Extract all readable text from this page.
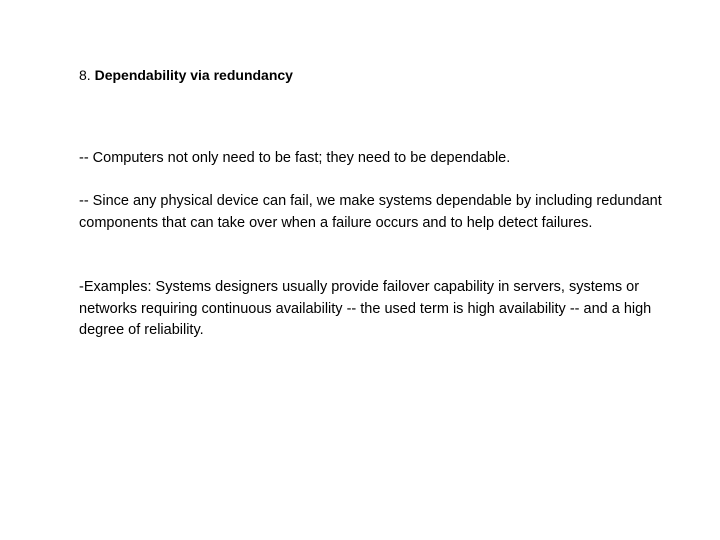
8. Dependability via redundancy

-- Computers not only need to be fast; they need to be dependable.

-- Since any physical device can fail, we make systems dependable by including redundant components that can take over when a failure occurs and to help detect failures.

-Examples: Systems designers usually provide failover capability in servers, systems or networks requiring continuous availability -- the used term is high availability -- and a high degree of reliability.
